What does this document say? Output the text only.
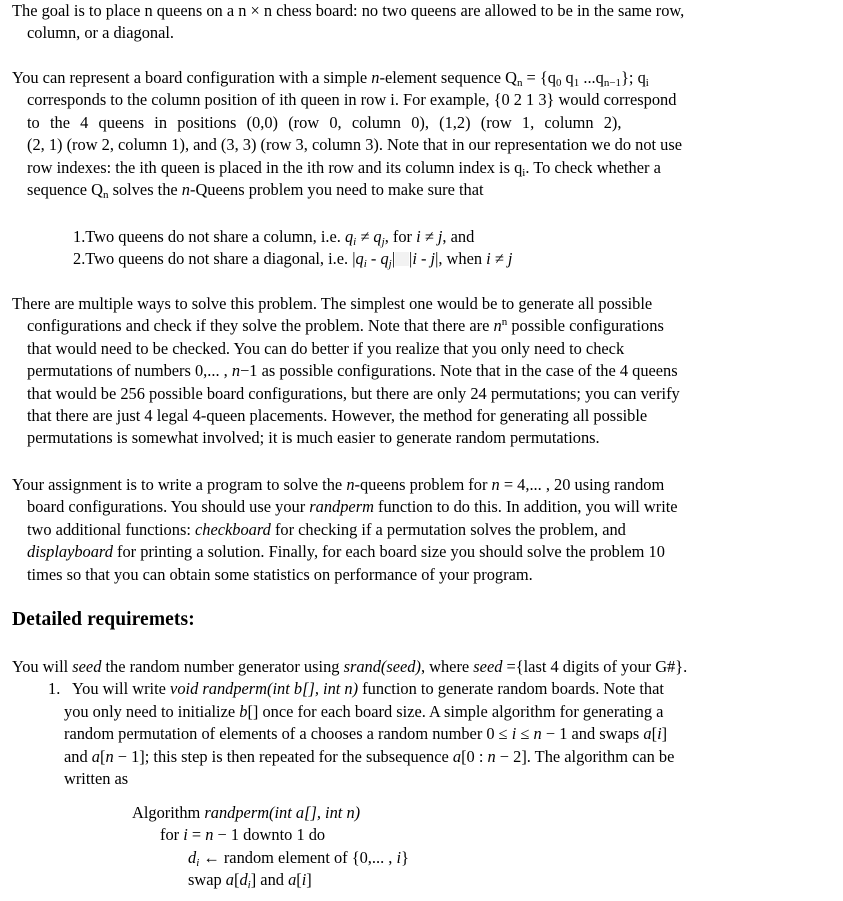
The goal is to place n queens on a n × n chess board: no two queens are allowed to be in the same row,
column, or a diagonal.
You can represent a board configuration with a simple n-element sequence $Q_n = \{q_0$ $q_1$ $...q_{n-1}$}; $q_i$
corresponds to the column position of ith queen in row i. For example, {0 2 1 3} would correspond
to  the  4  queens  in  positions  (0,0)  (row  0,  column  0),  (1,2)  (row  1,  column  2),
(2, 1) (row 2, column 1), and (3, 3) (row 3, column 3). Note that in our representation we do not use
row indexes: the ith queen is placed in the ith row and its column index is $q_i$. To check whether a
sequence $Q_n$ solves the n-Queens problem you need to make sure that
1.Two queens do not share a column, i.e. $q_i \ne q_j$, for i ≠ j, and
2.Two queens do not share a diagonal, i.e. $|q_i - q_j|$ |i - j|, when i ≠ j
There are multiple ways to solve this problem. The simplest one would be to generate all possible
configurations and check if they solve the problem. Note that there are $n^n$ possible configurations
that would need to be checked. You can do better if you realize that you only need to check
permutations of numbers 0,... , n−1 as possible configurations. Note that in the case of the 4 queens
that would be 256 possible board configurations, but there are only 24 permutations; you can verify
that there are just 4 legal 4-queen placements. However, the method for generating all possible
permutations is somewhat involved; it is much easier to generate random permutations.
Your assignment is to write a program to solve the n-queens problem for n = 4,... , 20 using random
board configurations. You should use your randperm function to do this. In addition, you will write
two additional functions: checkboard for checking if a permutation solves the problem, and
displayboard for printing a solution. Finally, for each board size you should solve the problem 10
times so that you can obtain some statistics on performance of your program.
Detailed requiremets:
You will seed the random number generator using srand(seed), where seed ={last 4 digits of your G#}.
1.   You will write void randperm(int b[], int n) function to generate random boards. Note that
you only need to initialize b[] once for each board size. A simple algorithm for generating a
random permutation of elements of a chooses a random number 0 ≤ i ≤ n − 1 and swaps a[i]
and a[n − 1]; this step is then repeated for the subsequence a[0 : n − 2]. The algorithm can be
written as
Algorithm randperm(int a[], int n)
for i = n − 1 downto 1 do
$d_i$ ← random element of {0,... , i}
swap $a[d_i]$ and a[i]
